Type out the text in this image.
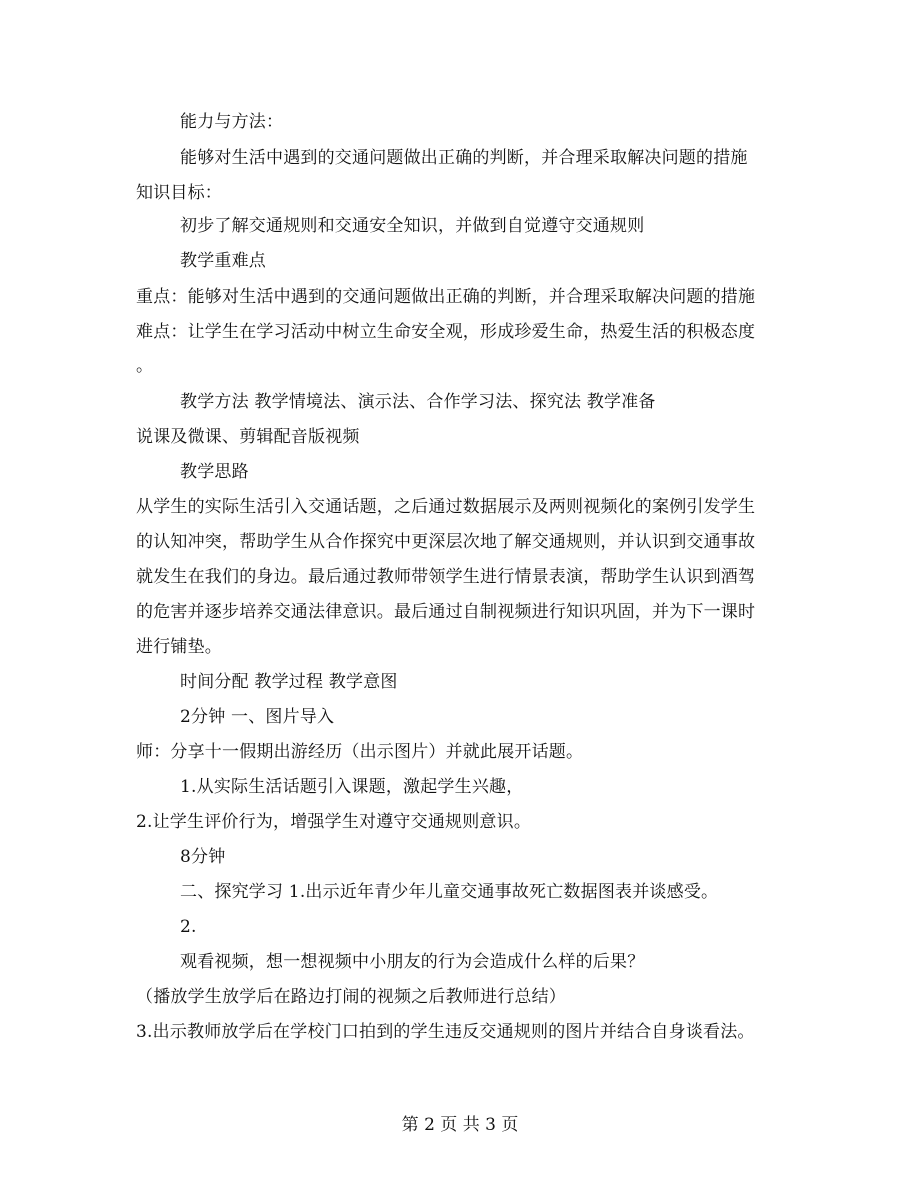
能力与方法：
能够对生活中遇到的交通问题做出正确的判断，并合理采取解决问题的措施
知识目标：
初步了解交通规则和交通安全知识，并做到自觉遵守交通规则
教学重难点
重点：能够对生活中遇到的交通问题做出正确的判断，并合理采取解决问题的措施
难点：让学生在学习活动中树立生命安全观，形成珍爱生命，热爱生活的积极态度
。
教学方法 教学情境法、演示法、合作学习法、探究法 教学准备
说课及微课、剪辑配音版视频
教学思路
从学生的实际生活引入交通话题，之后通过数据展示及两则视频化的案例引发学生
的认知冲突，帮助学生从合作探究中更深层次地了解交通规则，并认识到交通事故
就发生在我们的身边。最后通过教师带领学生进行情景表演，帮助学生认识到酒驾
的危害并逐步培养交通法律意识。最后通过自制视频进行知识巩固，并为下一课时
进行铺垫。
时间分配 教学过程 教学意图
2分钟 一、图片导入
师：分享十一假期出游经历（出示图片）并就此展开话题。
1.从实际生活话题引入课题，激起学生兴趣，
2.让学生评价行为，增强学生对遵守交通规则意识。
8分钟
二、探究学习 1.出示近年青少年儿童交通事故死亡数据图表并谈感受。
2.
观看视频，想一想视频中小朋友的行为会造成什么样的后果？
（播放学生放学后在路边打闹的视频之后教师进行总结）
3.出示教师放学后在学校门口拍到的学生违反交通规则的图片并结合自身谈看法。
第 2 页 共 3 页
